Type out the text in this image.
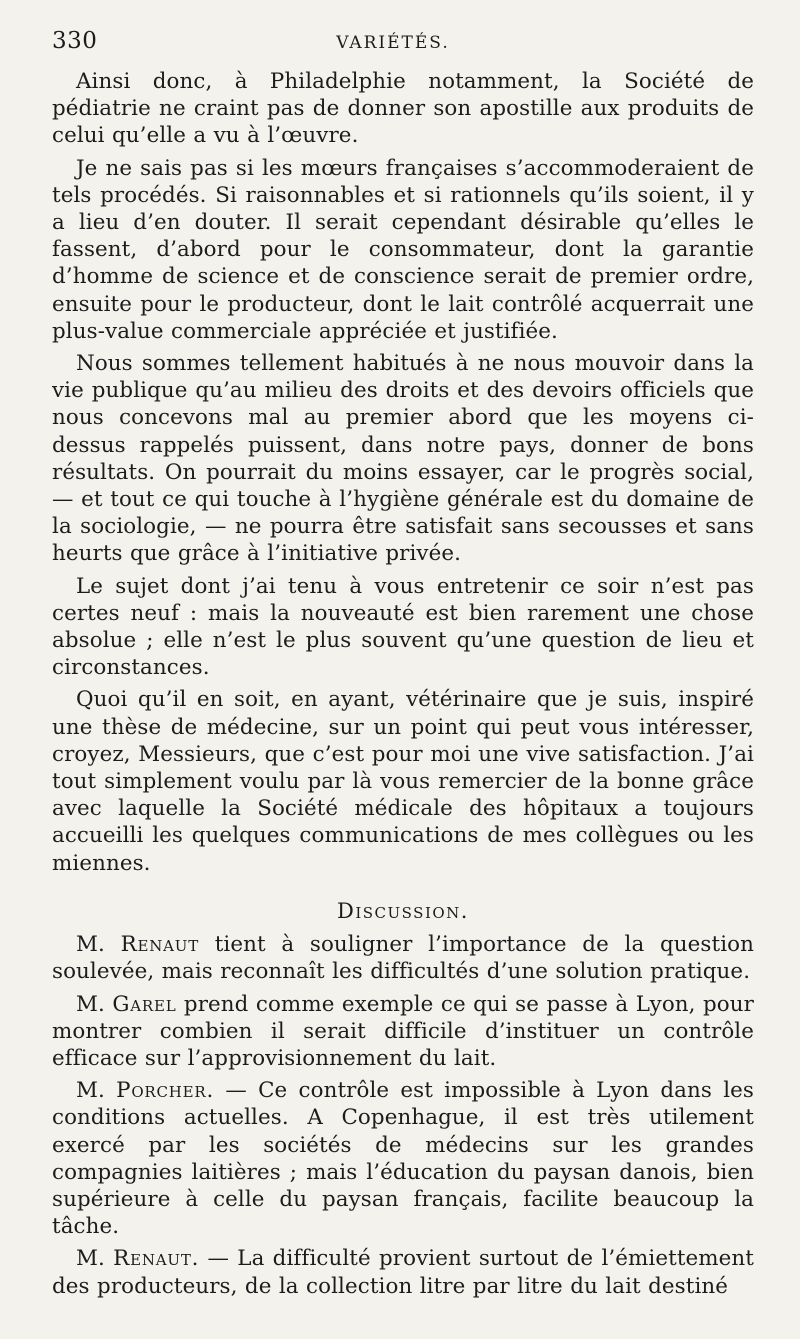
330	VARIÉTÉS.

Ainsi donc, à Philadelphie notamment, la Société de pédiatrie ne craint pas de donner son apostille aux produits de celui qu’elle a vu à l’œuvre.

Je ne sais pas si les mœurs françaises s’accommoderaient de tels procédés. Si raisonnables et si rationnels qu’ils soient, il y a lieu d’en douter. Il serait cependant désirable qu’elles le fassent, d’abord pour le consommateur, dont la garantie d’homme de science et de conscience serait de premier ordre, ensuite pour le producteur, dont le lait contrôlé acquerrait une plus-value commerciale appréciée et justifiée.

Nous sommes tellement habitués à ne nous mouvoir dans la vie publique qu’au milieu des droits et des devoirs officiels que nous concevons mal au premier abord que les moyens ci-dessus rappelés puissent, dans notre pays, donner de bons résultats. On pourrait du moins essayer, car le progrès social, — et tout ce qui touche à l’hygiène générale est du domaine de la sociologie, — ne pourra être satisfait sans secousses et sans heurts que grâce à l’initiative privée.

Le sujet dont j’ai tenu à vous entretenir ce soir n’est pas certes neuf : mais la nouveauté est bien rarement une chose absolue ; elle n’est le plus souvent qu’une question de lieu et circonstances.

Quoi qu’il en soit, en ayant, vétérinaire que je suis, inspiré une thèse de médecine, sur un point qui peut vous intéresser, croyez, Messieurs, que c’est pour moi une vive satisfaction. J’ai tout simplement voulu par là vous remercier de la bonne grâce avec laquelle la Société médicale des hôpitaux a toujours accueilli les quelques communications de mes collègues ou les miennes.

Discussion.

M. Renaut tient à souligner l’importance de la question soulevée, mais reconnaît les difficultés d’une solution pratique.

M. Garel prend comme exemple ce qui se passe à Lyon, pour montrer combien il serait difficile d’instituer un contrôle efficace sur l’approvisionnement du lait.

M. Porcher. — Ce contrôle est impossible à Lyon dans les conditions actuelles. A Copenhague, il est très utilement exercé par les sociétés de médecins sur les grandes compagnies laitières ; mais l’éducation du paysan danois, bien supérieure à celle du paysan français, facilite beaucoup la tâche.

M. Renaut. — La difficulté provient surtout de l’émiettement des producteurs, de la collection litre par litre du lait destiné
